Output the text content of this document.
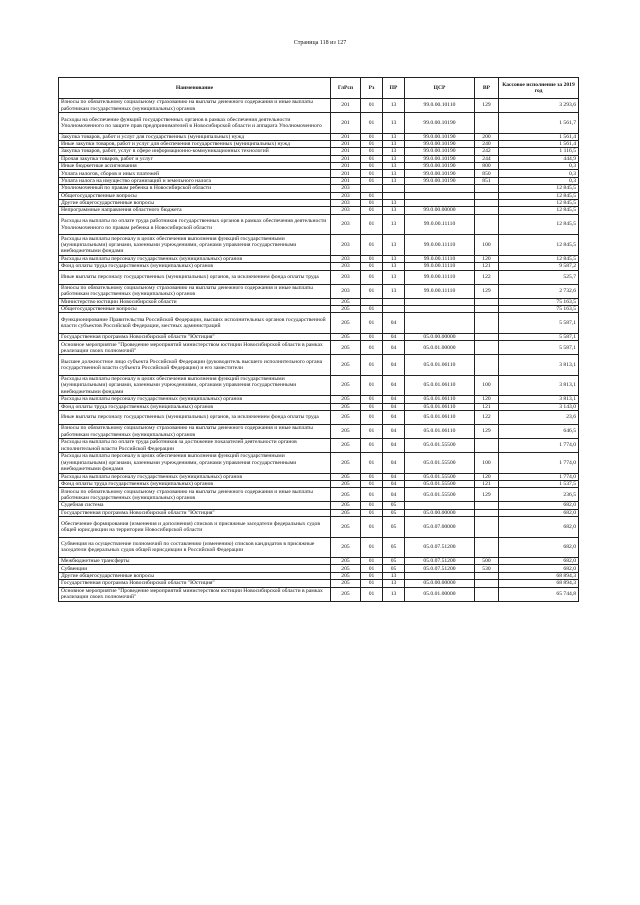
Страница 118 из 127
Наименование	ГлРсп	Рз	ПР	ЦСР	ВР	Кассовое исполнение за 2019 год
Взносы по обязательному социальному страхованию на выплаты денежного содержания и иные выплаты работникам государственных (муниципальных) органов	201	01	13	99.0.00.10110	129	3 293,6
Расходы на обеспечение функций государственных органов в рамках обеспечения деятельности Уполномоченного по защите прав предпринимателей в Новосибирской области и аппарата Уполномоченного	201	01	13	99.0.00.10190		1 561,7
Закупка товаров, работ и услуг для государственных (муниципальных) нужд	201	01	13	99.0.00.10190	200	1 561,4
Иные закупки товаров, работ и услуг для обеспечения государственных (муниципальных) нужд	201	01	13	99.0.00.10190	240	1 561,4
Закупка товаров, работ, услуг в сфере информационно-коммуникационных технологий	201	01	13	99.0.00.10190	242	1 116,5
Прочая закупка товаров, работ и услуг	201	01	13	99.0.00.10190	244	444,9
Иные бюджетные ассигнования	201	01	13	99.0.00.10190	800	0,3
Уплата налогов, сборов и иных платежей	201	01	13	99.0.00.10190	850	0,3
Уплата налога на имущество организаций и земельного налога	201	01	13	99.0.00.10190	851	0,3
Уполномоченный по правам ребенка в Новосибирской области	203					12 845,5
Общегосударственные вопросы	203	01				12 845,5
Другие общегосударственные вопросы	203	01	13			12 845,5
Непрограммные направления областного бюджета	203	01	13	99.0.00.00000		12 845,5
Расходы на выплаты по оплате труда работников государственных органов в рамках обеспечения деятельности Уполномоченного по правам ребенка в Новосибирской области	203	01	13	99.0.00.11110		12 845,5
Расходы на выплаты персоналу в целях обеспечения выполнения функций государственными (муниципальными) органами, казенными учреждениями, органами управления государственными внебюджетными фондами	203	01	13	99.0.00.11110	100	12 845,5
Расходы на выплаты персоналу государственных (муниципальных) органов	203	01	13	99.0.00.11110	120	12 845,5
Фонд оплаты труда государственных (муниципальных) органов	203	01	13	99.0.00.11110	121	9 587,2
Иные выплаты персоналу государственных (муниципальных) органов, за исключением фонда оплаты труда	203	01	13	99.0.00.11110	122	525,7
Взносы по обязательному социальному страхованию на выплаты денежного содержания и иные выплаты работникам государственных (муниципальных) органов	203	01	13	99.0.00.11110	129	2 732,6
Министерство юстиции Новосибирской области	205					75 163,5
Общегосударственные вопросы	205	01				75 163,5
Функционирование Правительства Российской Федерации, высших исполнительных органов государственной власти субъектов Российской Федерации, местных администраций	205	01	04			5 587,1
Государственная программа Новосибирской области "Юстиция"	205	01	04	05.0.00.00000		5 587,1
Основное мероприятие "Проведение мероприятий министерством юстиции Новосибирской области в рамках реализации своих полномочий"	205	01	04	05.0.01.00000		5 587,1
Высшее должностное лицо субъекта Российской Федерации (руководитель высшего исполнительного органа государственной власти субъекта Российской Федерации) и его заместители	205	01	04	05.0.01.06110		3 813,1
Расходы на выплаты персоналу в целях обеспечения выполнения функций государственными (муниципальными) органами, казенными учреждениями, органами управления государственными внебюджетными фондами	205	01	04	05.0.01.06110	100	3 813,1
Расходы на выплаты персоналу государственных (муниципальных) органов	205	01	04	05.0.01.06110	120	3 813,1
Фонд оплаты труда государственных (муниципальных) органов	205	01	04	05.0.01.06110	121	3 143,0
Иные выплаты персоналу государственных (муниципальных) органов, за исключением фонда оплаты труда	205	01	04	05.0.01.06110	122	23,6
Взносы по обязательному социальному страхованию на выплаты денежного содержания и иные выплаты работникам государственных (муниципальных) органов	205	01	04	05.0.01.06110	129	646,5
Расходы на выплаты по оплате труда работников за достижение показателей деятельности органов исполнительной власти Российской Федерации	205	01	04	05.0.01.55500		1 774,0
Расходы на выплаты персоналу в целях обеспечения выполнения функций государственными (муниципальными) органами, казенными учреждениями, органами управления государственными внебюджетными фондами	205	01	04	05.0.01.55500	100	1 774,0
Расходы на выплаты персоналу государственных (муниципальных) органов	205	01	04	05.0.01.55500	120	1 774,0
Фонд оплаты труда государственных (муниципальных) органов	205	01	04	05.0.01.55500	121	1 537,5
Взносы по обязательному социальному страхованию на выплаты денежного содержания и иные выплаты работникам государственных (муниципальных) органов	205	01	04	05.0.01.55500	129	236,5
Судебная система	205	01	05			682,0
Государственная программа Новосибирской области "Юстиция"	205	01	05	05.0.00.00000		682,0
Обеспечение формирования (изменения и дополнения) списков и присяжные заседатели федеральных судов общей юрисдикции на территории Новосибирской области	205	01	05	05.0.07.00000		682,0
Субвенция на осуществление полномочий по составлению (изменению) списков кандидатов в присяжные заседатели федеральных судов общей юрисдикции в Российской Федерации	205	01	05	05.0.07.51200		682,0
Межбюджетные трансферты	205	01	05	05.0.07.51200	500	682,0
Субвенции	205	01	05	05.0.07.51200	530	682,0
Другие общегосударственные вопросы	205	01	13			68 894,3
Государственная программа Новосибирской области "Юстиция"	205	01	13	05.0.00.00000		68 894,3
Основное мероприятие "Проведение мероприятий министерством юстиции Новосибирской области в рамках реализации своих полномочий"	205	01	13	05.0.01.00000		65 744,8
